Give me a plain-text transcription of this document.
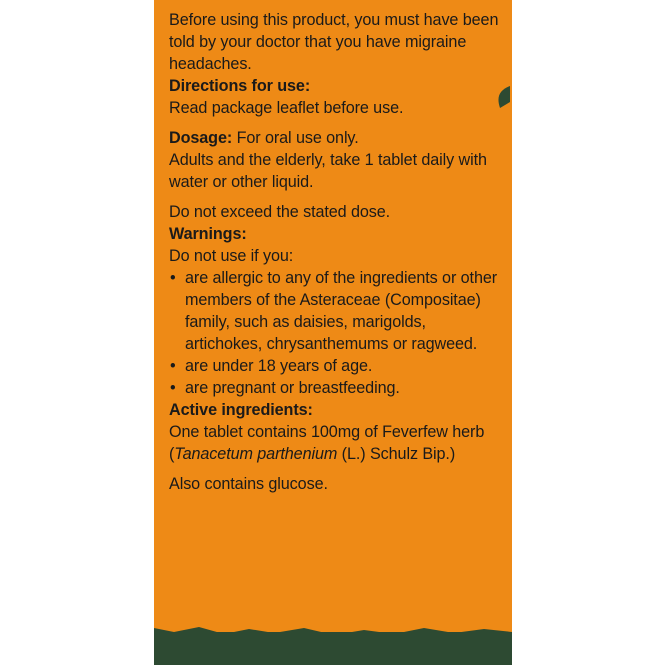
Before using this product, you must have been told by your doctor that you have migraine headaches.

Directions for use:

Read package leaflet before use.

Dosage: For oral use only.

Adults and the elderly, take 1 tablet daily with water or other liquid.

Do not exceed the stated dose.

Warnings:

Do not use if you:

• are allergic to any of the ingredients or other members of the Asteraceae (Compositae) family, such as daisies, marigolds, artichokes, chrysanthemums or ragweed.
• are under 18 years of age.
• are pregnant or breastfeeding.

Active ingredients:

One tablet contains 100mg of Feverfew herb

(Tanacetum parthenium (L.) Schulz Bip.)

Also contains glucose.
